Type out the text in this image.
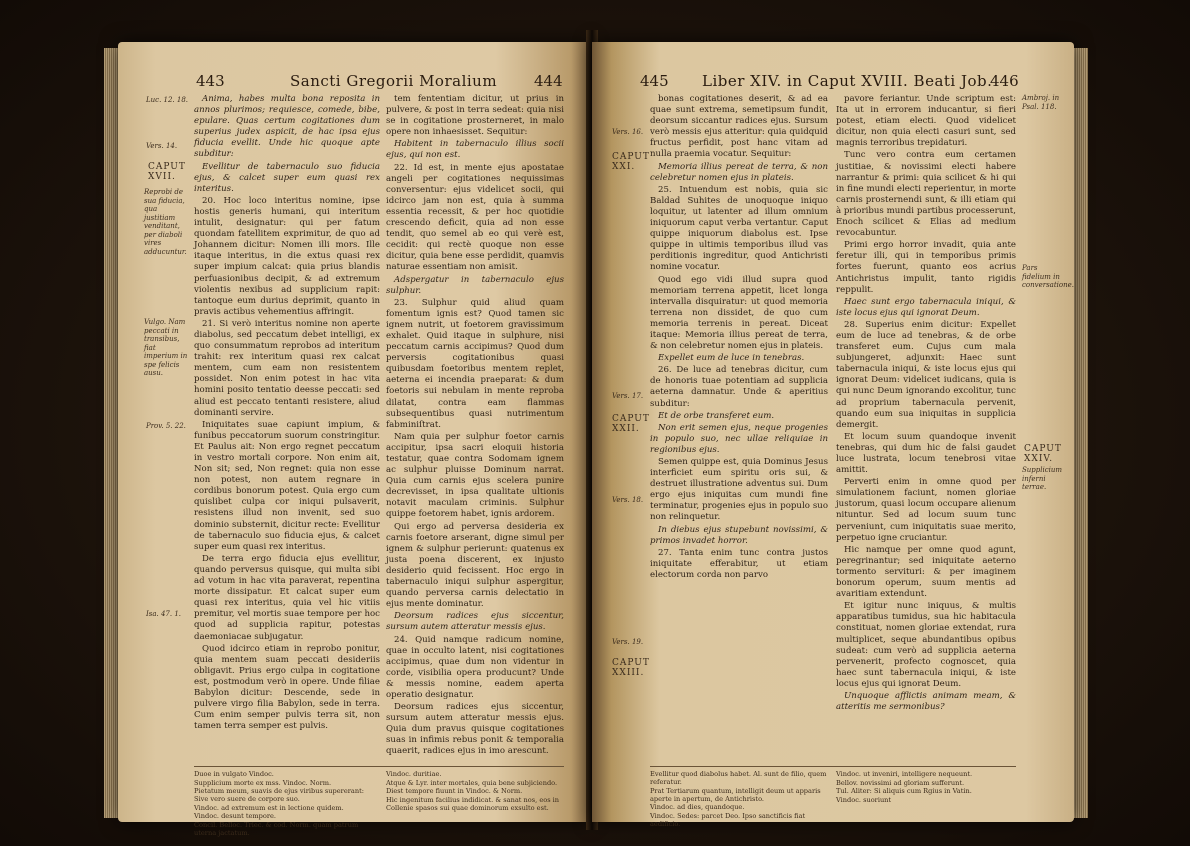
443	Sancti Gregorii Moralium 444
Luc. 12. 18.
Vers. 14.
CAPUT XVII.
Reprobi de sua fiducia, qua justitiam venditant, per diaboli vires adducuntur.
Vulgo. Nam peccati in transibus, fiat imperium in spe felicis ausu.
Prov. 5. 22.
Isa. 47. 1.

Anima, habes multa bona reposita in annos plurimos; requiesce, comede, bibe, epulare. Quas certum cogitationes dum superius judex aspicit, de hac ipsa ejus fiducia evellit. Unde hic quoque apte subditur:

Evellitur de tabernaculo suo fiducia ejus, & calcet super eum quasi rex interitus.

20. Hoc loco interitus nomine, ipse hostis generis humani, qui interitum intulit, designatur: qui per fatum quondam fatellitem exprimitur, de quo ad Johannem dicitur: Nomen illi mors. Ille itaque interitus, in die extus quasi rex super impium calcat: quia prius blandis perfuasionibus decipit, & ad extremum violentis nexibus ad supplicium rapit: tantoque eum durius deprimit, quanto in pravis actibus vehementius affringit.

21. Si verò interitus nomine non aperte diabolus, sed peccatum debet intelligi, ex quo consummatum reprobos ad interitum trahit: rex interitum quasi rex calcat mentem, cum eam non resistentem possidet. Non enim potest in hac vita homini posito tentatio deesse peccati: sed aliud est peccato tentanti resistere, aliud dominanti servire.

Iniquitates suae capiunt impium, & funibus peccatorum suorum constringitur. Et Paulus ait: Non ergo regnet peccatum in vestro mortali corpore. Non enim ait, Non sit; sed, Non regnet: quia non esse non potest, non autem regnare in cordibus bonorum potest. Quia ergo cum quislibet culpa cor iniqui pulsaverit, resistens illud non invenit, sed suo dominio substernit, dicitur recte: Evellitur de tabernaculo suo fiducia ejus, & calcet super eum quasi rex interitus.

De terra ergo fiducia ejus evellitur, quando perversus quisque, qui multa sibi ad votum in hac vita paraverat, repentina morte dissipatur. Et calcat super eum quasi rex interitus, quia vel hic vitiis premitur, vel mortis suae tempore per hoc quod ad supplicia rapitur, potestas daemoniacae subjugatur.

Quod idcirco etiam in reprobo ponitur, quia mentem suam peccati desideriis obligavit. Prius ergo culpa in cogitatione est, postmodum verò in opere. Unde filiae Babylon dicitur: Descende, sede in pulvere virgo filia Babylon, sede in terra. Cum enim semper pulvis terra sit, non tamen terra semper est pulvis.

tem fententiam dicitur, ut prius in pulvere, & post in terra sedeat: quia nisi se in cogitatione prosterneret, in malo opere non inhaesisset. Sequitur:

Habitent in tabernaculo illius socii ejus, qui non est.

22. Id est, in mente ejus apostatae angeli per cogitationes nequissimas conversentur: ejus videlicet socii, qui idcirco jam non est, quia à summa essentia recessit, & per hoc quotidie crescendo deficit, quia ad non esse tendit, quo semel ab eo qui verè est, cecidit: qui rectè quoque non esse dicitur, quia bene esse perdidit, quamvis naturae essentiam non amisit.

Adspergatur in tabernaculo ejus sulphur.

23. Sulphur quid aliud quam fomentum ignis est? Quod tamen sic ignem nutrit, ut foetorem gravissimum exhalet. Quid itaque in sulphure, nisi peccatum carnis accipimus? Quod dum perversis cogitationibus quasi quibusdam foetoribus mentem replet, aeterna ei incendia praeparat: & dum foetoris sui nebulam in mente reproba dilatat, contra eam flammas subsequentibus quasi nutrimentum fabminiſtrat.

Nam quia per sulphur foetor carnis accipitur, ipsa sacri eloquii historia testatur, quae contra Sodomam ignem ac sulphur pluisse Dominum narrat. Quia cum carnis ejus scelera punire decrevisset, in ipsa qualitate ultionis notavit maculam criminis. Sulphur quippe foetorem habet, ignis ardorem.

Qui ergo ad perversa desideria ex carnis foetore arserant, digne simul per ignem & sulphur perierunt: quatenus ex justa poena discerent, ex injusto desiderio quid fecissent. Hoc ergo in tabernaculo iniqui sulphur aspergitur, quando perversa carnis delectatio in ejus mente dominatur.

Deorsum radices ejus siccentur, sursum autem atteratur messis ejus.

24. Quid namque radicum nomine, quae in occulto latent, nisi cogitationes accipimus, quae dum non videntur in corde, visibilia opera producunt? Unde & messis nomine, eadem aperta operatio designatur.

Deorsum radices ejus siccentur, sursum autem atteratur messis ejus. Quia dum pravus quisque cogitationes suas in infimis rebus ponit & temporalia quaerit, radices ejus in imo arescunt.

Duoe in vulgato Vindoc.
Supplicium morte ex mss. Vindoc. Norm.
Pietatum meum, suavis de ejus viribus supererant: Sive vero suere de corpore suo.
Vindoc. ad extremum est in lectione quidem.
Vindoc. desunt tempore.
Concil. Belloc. Triec. & cod. Norm. quam patrum uterna jactatum.
Vindoc. duritiae.
Atque & Lyr. inter mortales, quia bene subjiciendo.
Diest tempore fiuunt in Vindoc. & Norm.
Hic ingenitum facilius indidicat. & sanat nos, eos in Collenie spasos sui quae dominorum exsulto est.
445 Liber XIV. in Caput XVIII. Beati Job.
446
Vers. 16.
CAPUT XXI.
Vers. 17.
CAPUT XXII.
Vers. 18.
Vers. 19.
CAPUT XXIII.
Ambroj. in Psal. 118.
Pars fidelium in conversatione.
CAPUT XXIV.
Supplicium inferni terrae.

bonas cogitationes deserit, & ad ea quae sunt extrema, semetipsum fundit, deorsum siccantur radices ejus. Sursum verò messis ejus atteritur: quia quidquid fructus perfidit, post hanc vitam ad nulla praemia vocatur. Sequitur:

Memoria illius pereat de terra, & non celebretur nomen ejus in plateis.

25. Intuendum est nobis, quia sic Baldad Suhites de unoquoque iniquo loquitur, ut latenter ad illum omnium iniquorum caput verba vertantur. Caput quippe iniquorum diabolus est. Ipse quippe in ultimis temporibus illud vas perditionis ingreditur, quod Antichristi nomine vocatur.

Quod ego vidi illud supra quod memoriam terrena appetit, licet longa intervalla disquiratur: ut quod memoria terrena non dissidet, de quo cum memoria terrenis in pereat. Diceat itaque: Memoria illius pereat de terra, & non celebretur nomen ejus in plateis.

Expellet eum de luce in tenebras.

26. De luce ad tenebras dicitur, cum de honoris tuae potentiam ad supplicia aeterna damnatur. Unde & aperitius subditur:

Et de orbe transferet eum.

Non erit semen ejus, neque progenies in populo suo, nec ullae reliquiae in regionibus ejus.

Semen quippe est, quia Dominus Jesus interficiet eum spiritu oris sui, & destruet illustratione adventus sui. Dum ergo ejus iniquitas cum mundi fine terminatur, progenies ejus in populo suo non relinquetur.

In diebus ejus stupebunt novissimi, & primos invadet horror.

27. Tanta enim tunc contra justos iniquitate efferabitur, ut etiam electorum corda non parvo

pavore feriantur. Unde scriptum est: Ita ut in errorem inducantur, si fieri potest, etiam electi. Quod videlicet dicitur, non quia electi casuri sunt, sed magnis terroribus trepidaturi.

Tunc vero contra eum certamen justitiae, & novissimi electi habere narrantur & primi: quia scilicet & hi qui in fine mundi electi reperientur, in morte carnis prosternendi sunt, & illi etiam qui à prioribus mundi partibus processerunt, Enoch scilicet & Elias ad medium revocabuntur.

Primi ergo horror invadit, quia ante feretur illi, qui in temporibus primis fortes fuerunt, quanto eos acrius Antichristus impulit, tanto rigidis reppulit.

Haec sunt ergo tabernacula iniqui, & iste locus ejus qui ignorat Deum.

28. Superius enim dicitur: Expellet eum de luce ad tenebras, & de orbe transferet eum. Cujus cum mala subjungeret, adjunxit: Haec sunt tabernacula iniqui, & iste locus ejus qui ignorat Deum: videlicet iudicans, quia is qui nunc Deum ignorando excolitur, tunc ad proprium tabernacula pervenit, quando eum sua iniquitas in supplicia demergit.

Et locum suum quandoque invenit tenebras, qui dum hic de falsi gaudet luce lustrata, locum tenebrosi vitae amittit.

Perverti enim in omne quod per simulationem faciunt, nomen gloriae justorum, quasi locum occupare alienum nituntur. Sed ad locum suum tunc perveniunt, cum iniquitatis suae merito, perpetuo igne cruciantur.

Hic namque per omne quod agunt, peregrinantur; sed iniquitate aeterno tormento servituri: & per imaginem bonorum operum, suum mentis ad avaritiam extendunt.

Et igitur nunc iniquus, & multis apparatibus tumidus, sua hic habitacula constituat, nomen gloriae extendat, rura multiplicet, seque abundantibus opibus sudeat: cum verò ad supplicia aeterna pervenerit, profecto cognoscet, quia haec sunt tabernacula iniqui, & iste locus ejus qui ignorat Deum.

Unquoque afflictis animam meam, & atteritis me sermonibus?

Evellitur quod diabolus habet. Al. sunt de filio, quem referatur.
Prat Tertiarum quantum, intelligit deum ut apparis aperte in apertum, de Antichristo.
Vindoc. ad dies, quandoque.
Vindoc. Sedes: parcet Deo. Ipso sanctificis fiat aedificio.
Vindoc. ut inveniri, intelligere nequeunt.
Bellov. novissimi ad gloriam sufferunt.
Tul. Aliter: Si aliquis cum Rgius in Vatin.
Vindoc. suoriunt
